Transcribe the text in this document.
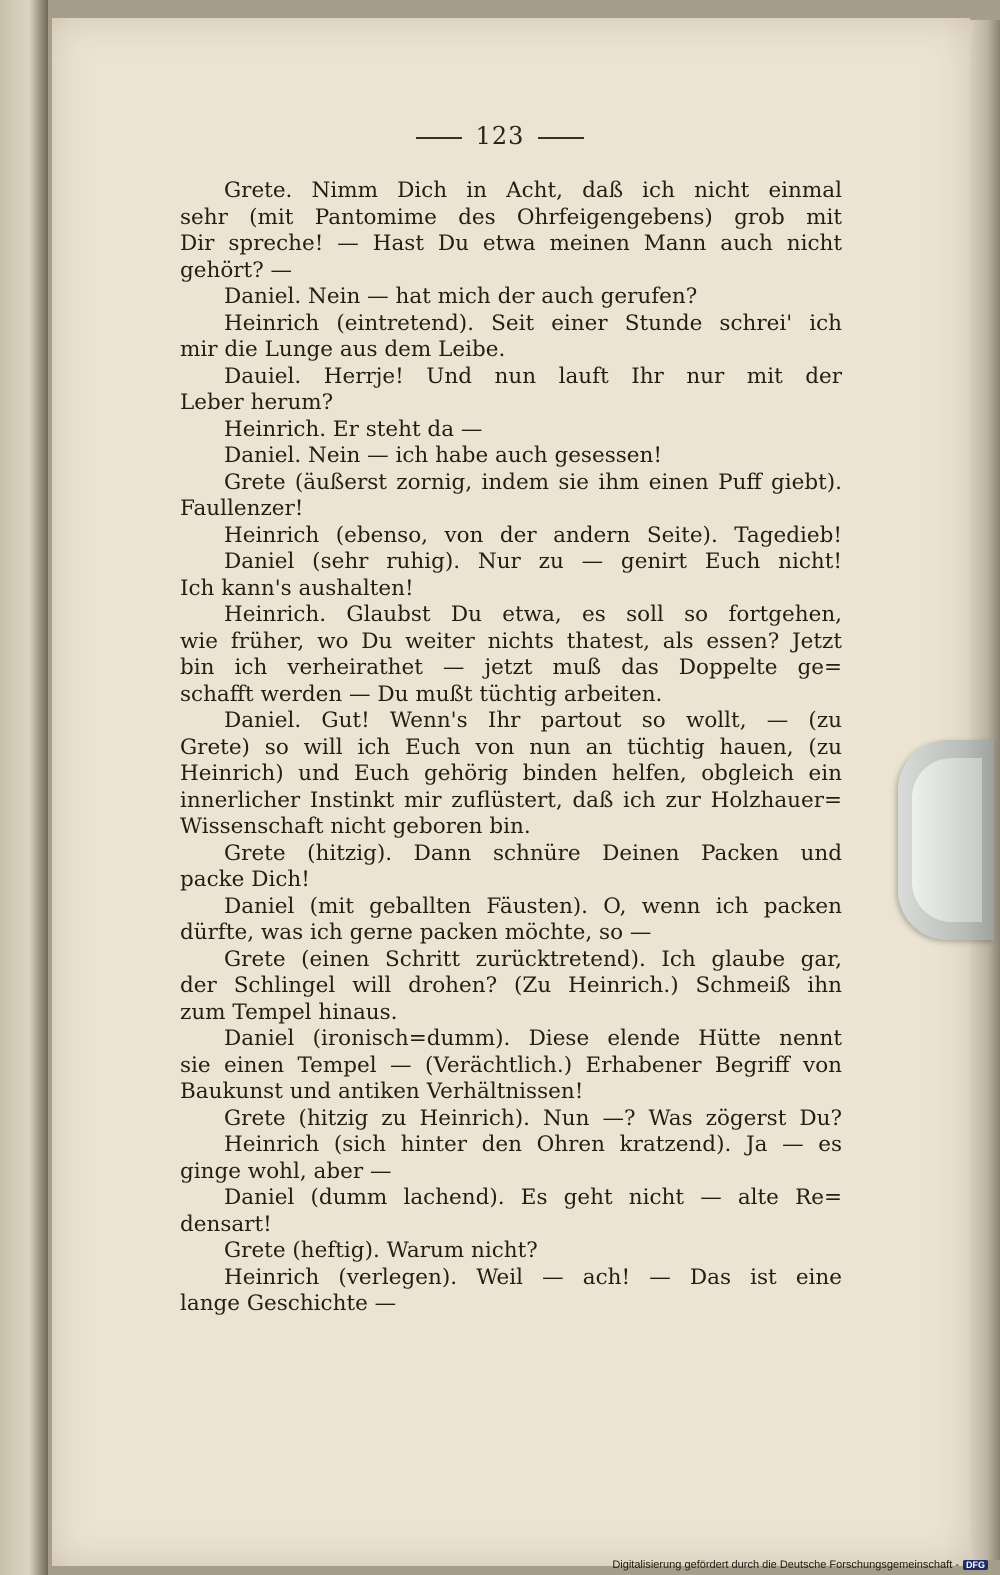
123
Grete. Nimm Dich in Acht, daß ich nicht einmal
sehr (mit Pantomime des Ohrfeigengebens) grob mit
Dir spreche! — Hast Du etwa meinen Mann auch nicht
gehört? —
Daniel. Nein — hat mich der auch gerufen?
Heinrich (eintretend). Seit einer Stunde schrei' ich
mir die Lunge aus dem Leibe.
Dauiel. Herrje! Und nun lauft Ihr nur mit der
Leber herum?
Heinrich. Er steht da —
Daniel. Nein — ich habe auch gesessen!
Grete (äußerst zornig, indem sie ihm einen Puff giebt).
Faullenzer!
Heinrich (ebenso, von der andern Seite). Tagedieb!
Daniel (sehr ruhig). Nur zu — genirt Euch nicht!
Ich kann's aushalten!
Heinrich. Glaubst Du etwa, es soll so fortgehen,
wie früher, wo Du weiter nichts thatest, als essen? Jetzt
bin ich verheirathet — jetzt muß das Doppelte ge=
schafft werden — Du mußt tüchtig arbeiten.
Daniel. Gut! Wenn's Ihr partout so wollt, — (zu
Grete) so will ich Euch von nun an tüchtig hauen, (zu
Heinrich) und Euch gehörig binden helfen, obgleich ein
innerlicher Instinkt mir zuflüstert, daß ich zur Holzhauer=
Wissenschaft nicht geboren bin.
Grete (hitzig). Dann schnüre Deinen Packen und
packe Dich!
Daniel (mit geballten Fäusten). O, wenn ich packen
dürfte, was ich gerne packen möchte, so —
Grete (einen Schritt zurücktretend). Ich glaube gar,
der Schlingel will drohen? (Zu Heinrich.) Schmeiß ihn
zum Tempel hinaus.
Daniel (ironisch=dumm). Diese elende Hütte nennt
sie einen Tempel — (Verächtlich.) Erhabener Begriff von
Baukunst und antiken Verhältnissen!
Grete (hitzig zu Heinrich). Nun —? Was zögerst Du?
Heinrich (sich hinter den Ohren kratzend). Ja — es
ginge wohl, aber —
Daniel (dumm lachend). Es geht nicht — alte Re=
densart!
Grete (heftig). Warum nicht?
Heinrich (verlegen). Weil — ach! — Das ist eine
lange Geschichte —
Digitalisierung gefördert durch die Deutsche Forschungsgemeinschaft - DFG
